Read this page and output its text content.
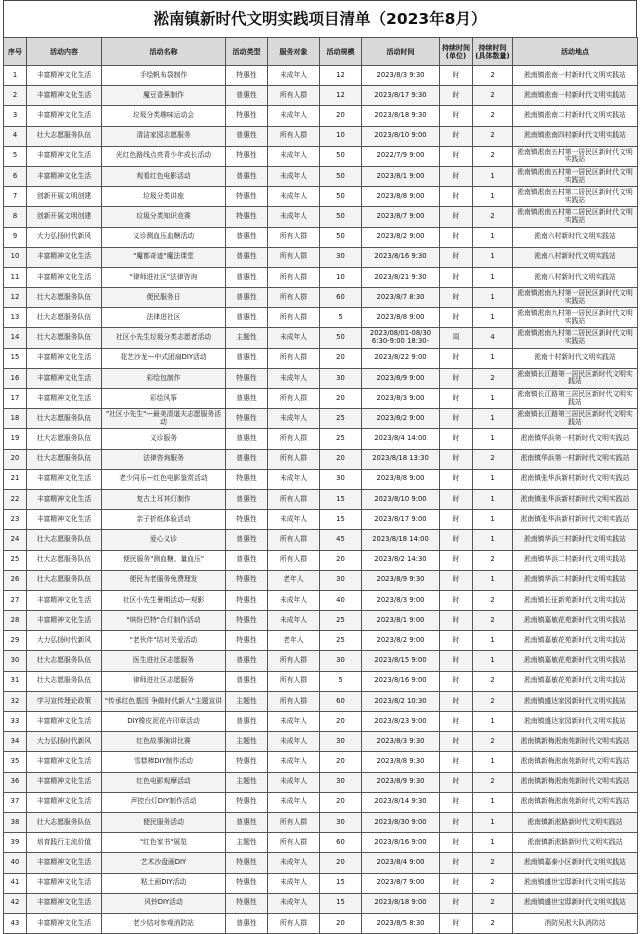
淞南镇新时代文明实践项目清单（2023年8月）
序号	活动内容	活动名称	活动类型	服务对象	活动规模	活动时间	持续时间(单位)	持续时间(具体数量)	活动地点
1	丰富精神文化生活	手绘帆布袋制作	特惠性	未成年人	12	2023/8/3 9:30	时	2	淞南镇淞南一村新时代文明实践站
2	丰富精神文化生活	魔豆香蕉制作	普惠性	所有人群	12	2023/8/17 9:30	时	2	淞南镇淞南一村新时代文明实践站
3	丰富精神文化生活	垃圾分类趣味运动会	特惠性	未成年人	20	2023/8/18 9:30	时	2	淞南镇淞南二村新时代文明实践站
4	壮大志愿服务队伍	清洁家园志愿服务	普惠性	所有人群	10	2023/8/10 9:00	时	2	淞南镇淞南四村新时代文明实践站
5	丰富精神文化生活	光红色路线点亮青少年成长活动	特惠性	未成年人	50	2022/7/9 9:00	时	2	淞南镇淞南五村第一居民区新时代文明实践站
6	丰富精神文化生活	观看红色电影活动	普惠性	未成年人	50	2023/8/1 9:00	时	1	淞南镇淞南五村第一居民区新时代文明实践站
7	创新开展文明创建	垃圾分类讲座	特惠性	未成年人	50	2023/8/8 9:00	时	1	淞南镇淞南五村第二居民区新时代文明实践站
8	创新开展文明创建	垃圾分类知识竞赛	特惠性	未成年人	50	2023/8/7 9:00	时	2	淞南镇淞南五村第二居民区新时代文明实践站
9	大力弘扬时代新风	义诊测血压血糖活动	普惠性	所有人群	50	2023/8/2 9:00	时	1	淞南六村新时代文明实践站
10	丰富精神文化生活	"魔都奇迹"魔法课堂	普惠性	所有人群	30	2023/8/16 9:30	时	1	淞南八村新时代文明实践站
11	丰富精神文化生活	"律师进社区"法律咨询	普惠性	所有人群	10	2023/8/21 9:30	时	1	淞南八村新时代文明实践站
12	壮大志愿服务队伍	便民服务日	普惠性	所有人群	60	2023/8/7 8:30	时	1	淞南镇淞南九村第一居民区新时代文明实践站
13	壮大志愿服务队伍	法律进社区	普惠性	所有人群	5	2023/8/8 9:00	时	1	淞南镇淞南九村第一居民区新时代文明实践站
14	壮大志愿服务队伍	社区小先生垃圾分类志愿者活动	主题性	未成年人	50	2023/08/01-08/30 6:30-9:00 18:30-	周	4	淞南镇淞南九村第二居民区新时代文明实践站
15	丰富精神文化生活	花艺沙龙—中式团扇DIY活动	普惠性	所有人群	20	2023/8/22 9:00	时	1	淞南十村新时代文明实践站
16	丰富精神文化生活	彩绘包制作	特惠性	未成年人	30	2023/8/9 9:00	时	2	淞南镇长江路第一居民区新时代文明实践站
17	丰富精神文化生活	彩绘风筝	普惠性	所有人群	20	2023/8/3 9:00	时	1	淞南镇长江路第三居民区新时代文明实践站
18	壮大志愿服务队伍	"社区小先生"—最美清道夫志愿服务活动	特惠性	未成年人	25	2023/8/2 9:00	时	1	淞南镇长江路第三居民区新时代文明实践站
19	壮大志愿服务队伍	义诊服务	普惠性	所有人群	25	2023/8/4 14:00	时	1	淞南镇华浜第一村新时代文明实践站
20	壮大志愿服务队伍	法律咨询服务	普惠性	所有人群	20	2023/8/18 13:30	时	2	淞南镇华浜第一村新时代文明实践站
21	丰富精神文化生活	老少同乐—红色电影鉴赏活动	特惠性	未成年人	30	2023/8/8 9:00	时	1	淞南镇张华浜新村新时代文明实践站
22	丰富精神文化生活	复古土耳其灯制作	普惠性	所有人群	15	2023/8/10 9:00	时	1	淞南镇张华浜新村新时代文明实践站
23	丰富精神文化生活	亲子折纸体验活动	特惠性	未成年人	15	2023/8/17 9:00	时	1	淞南镇张华浜新村新时代文明实践站
24	壮大志愿服务队伍	爱心义诊	普惠性	所有人群	45	2023/8/18 14:00	时	1	淞南镇华浜三村新时代文明实践站
25	壮大志愿服务队伍	便民服务"测血糖、量血压"	普惠性	所有人群	20	2023/8/2 14:30	时	2	淞南镇华浜二村新时代文明实践站
26	壮大志愿服务队伍	便民为老服务免费理发	特惠性	老年人	30	2023/8/9 9:30	时	1	淞南镇华浜二村新时代文明实践站
27	丰富精神文化生活	社区小先生暑期活动—观影	特惠性	未成年人	40	2023/8/3 9:00	时	2	淞南镇长征新苑新时代文明实践站
28	丰富精神文化生活	"缤纷巴特"合灯制作活动	特惠性	未成年人	25	2023/8/1 9:00	时	2	淞南镇嘉敏花苑新时代文明实践站
29	大力弘扬时代新风	"老伙伴"结对关爱活动	特惠性	老年人	25	2023/8/2 9:00	时	1	淞南镇嘉敏花苑新时代文明实践站
30	壮大志愿服务队伍	医生进社区志愿服务	普惠性	所有人群	30	2023/8/15 9:00	时	1	淞南镇嘉敏花苑新时代文明实践站
31	壮大志愿服务队伍	律师进社区志愿服务	普惠性	所有人群	5	2023/8/16 9:00	时	2	淞南镇嘉敏花苑新时代文明实践站
32	学习宣传理论政策	"传承红色基因 争做时代新人"主题宣讲	主题性	所有人群	60	2023/8/2 10:30	时	2	淞南镇盛达家园新时代文明实践站
33	丰富精神文化生活	DIY橡皮泥花卉印章活动	普惠性	未成年人	20	2023/8/23 9:00	时	1	淞南镇盛达家园新时代文明实践站
34	大力弘扬时代新风	红色故事演讲比赛	主题性	未成年人	30	2023/8/3 9:30	时	2	淞南镇新梅淞南苑新时代文明实践站
35	丰富精神文化生活	雪糕棒DIY制作活动	特惠性	未成年人	20	2023/8/8 9:30	时	1	淞南镇新梅淞南苑新时代文明实践站
36	丰富精神文化生活	红色电影观摩活动	主题性	未成年人	30	2023/8/9 9:30	时	2	淞南镇新梅淞南苑新时代文明实践站
37	丰富精神文化生活	声控台灯DIY制作活动	特惠性	未成年人	20	2023/8/14 9:30	时	1	淞南镇新梅淞南苑新时代文明实践站
38	壮大志愿服务队伍	便民服务活动	普惠性	所有人群	30	2023/8/30 9:00	时	1	淞南镇新淞路新时代文明实践站
39	培育践行主流价值	"红色家书"展览	主题性	所有人群	60	2023/8/16 9:00	时	1	淞南镇新淞路新时代文明实践站
40	丰富精神文化生活	艺术沙盘画DIY	特惠性	未成年人	20	2023/8/4 9:00	时	2	淞南镇嘉泰小区新时代文明实践站
41	丰富精神文化生活	粘土画DIY活动	特惠性	未成年人	15	2023/8/7 9:00	时	2	淞南镇盛世宝邸新时代文明实践站
42	丰富精神文化生活	风铃DIY活动	特惠性	未成年人	15	2023/8/18 9:00	时	2	淞南镇盛世宝邸新时代文明实践站
43	丰富精神文化生活	老少结对参观消防站	普惠性	所有人群	20	2023/8/5 8:30	时	2	消防吴淞大队消防站
